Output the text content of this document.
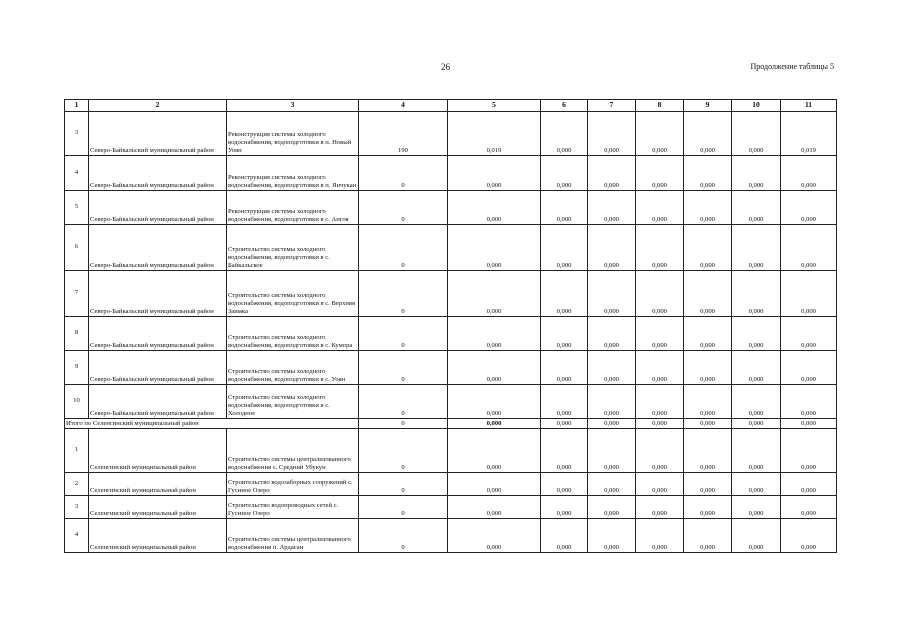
26	Продолжение таблицы 5
1	2	3	4	5	6	7	8	9	10	11
3	Северо-Байкальский муниципальный район	Реконструкция системы холодного водоснабжения, водоподготовки в п. Новый Уоян	190	0,019	0,000	0,000	0,000	0,000	0,000	0,019
4	Северо-Байкальский муниципальный район	Реконструкция системы холодного водоснабжения, водоподготовки в п. Янчукан	0	0,000	0,000	0,000	0,000	0,000	0,000	0,000
5	Северо-Байкальский муниципальный район	Реконструкция системы холодного водоснабжения, водоподготовки в с. Ангоя	0	0,000	0,000	0,000	0,000	0,000	0,000	0,000
6	Северо-Байкальский муниципальный район	Строительство системы холодного водоснабжения, водоподготовки в с. Байкальское	0	0,000	0,000	0,000	0,000	0,000	0,000	0,000
7	Северо-Байкальский муниципальный район	Строительство системы холодного водоснабжения, водоподготовки в с. Верхняя Заимка	0	0,000	0,000	0,000	0,000	0,000	0,000	0,000
8	Северо-Байкальский муниципальный район	Строительство системы холодного водоснабжения, водоподготовки в с. Кумора	0	0,000	0,000	0,000	0,000	0,000	0,000	0,000
9	Северо-Байкальский муниципальный район	Строительство системы холодного водоснабжения, водоподготовки в с. Уоян	0	0,000	0,000	0,000	0,000	0,000	0,000	0,000
10	Северо-Байкальский муниципальный район	Строительство системы холодного водоснабжения, водоподготовки в с. Холодное	0	0,000	0,000	0,000	0,000	0,000	0,000	0,000
Итого по Селенгинский муниципальный район			0	0,000	0,000	0,000	0,000	0,000	0,000	0,000
1	Селенгинский муниципальный район	Строительство системы централизованного водоснабжения с. Средний Убукун	0	0,000	0,000	0,000	0,000	0,000	0,000	0,000
2	Селенгинский муниципальный район	Строительство водозаборных сооружений с. Гусиное Озеро	0	0,000	0,000	0,000	0,000	0,000	0,000	0,000
3	Селенгинский муниципальный район	Строительство водопроводных сетей с. Гусиное Озеро	0	0,000	0,000	0,000	0,000	0,000	0,000	0,000
4	Селенгинский муниципальный район	Строительство системы централизованного водоснабжения п. Ардасан	0	0,000	0,000	0,000	0,000	0,000	0,000	0,000
